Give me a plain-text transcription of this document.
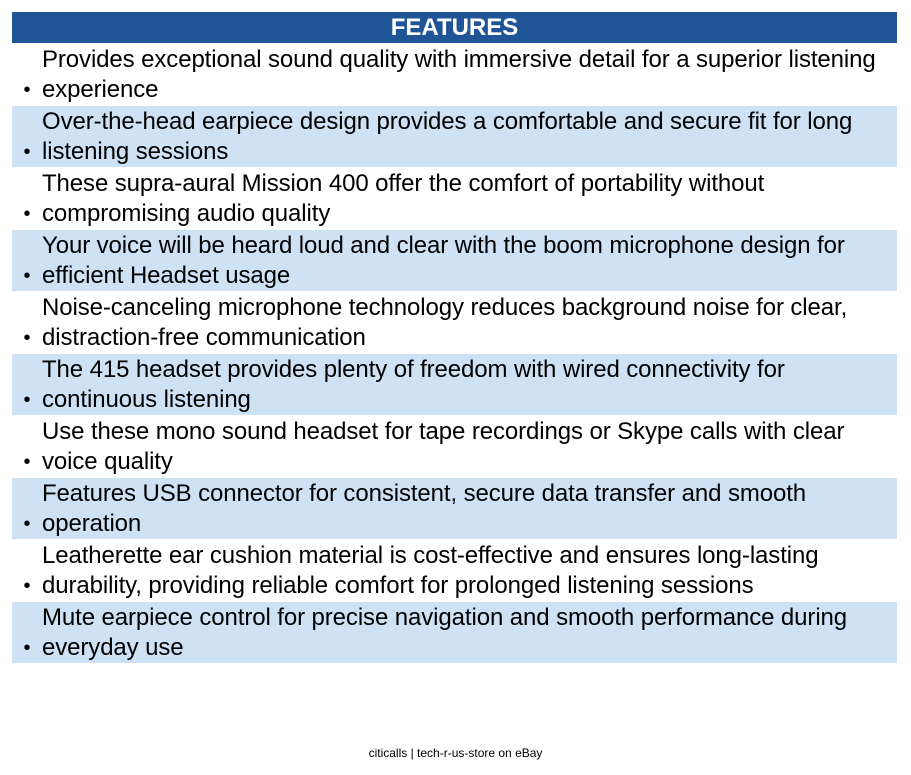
FEATURES
•
Provides exceptional sound quality with immersive detail for a superior listening experience
•
Over-the-head earpiece design provides a comfortable and secure fit for long listening sessions
•
These supra-aural Mission 400 offer the comfort of portability without compromising audio quality
•
Your voice will be heard loud and clear with the boom microphone design for efficient Headset usage
•
Noise-canceling microphone technology reduces background noise for clear, distraction-free communication
•
The 415 headset provides plenty of freedom with wired connectivity for continuous listening
•
Use these mono sound headset for tape recordings or Skype calls with clear voice quality
•
Features USB connector for consistent, secure data transfer and smooth operation
•
Leatherette ear cushion material is cost-effective and ensures long-lasting durability, providing reliable comfort for prolonged listening sessions
•
Mute earpiece control for precise navigation and smooth performance during everyday use
citicalls | tech-r-us-store on eBay
